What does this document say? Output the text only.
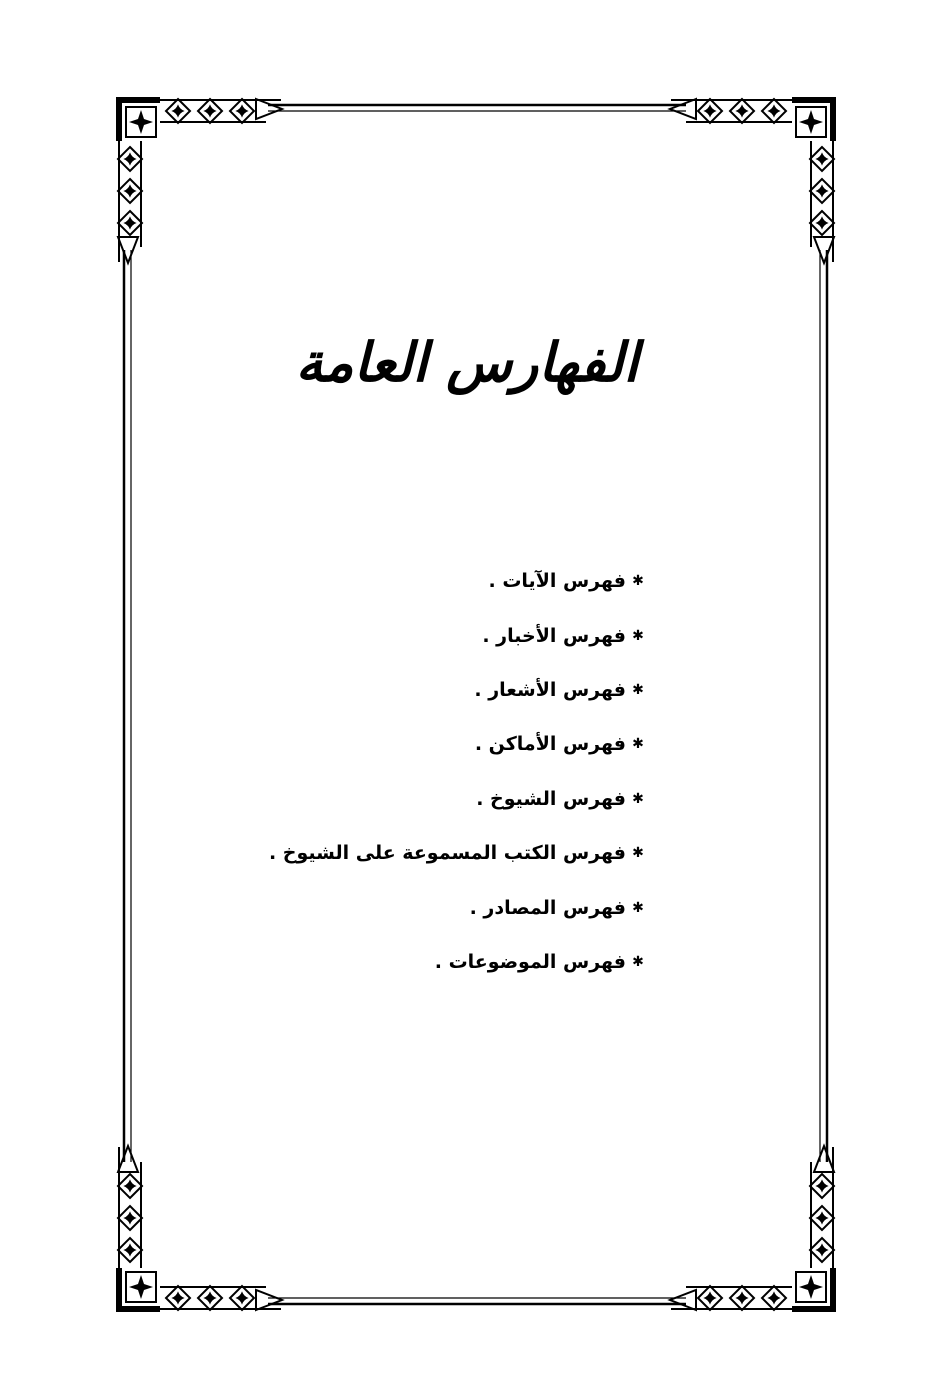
الفهارس العامة
✱
فهرس الآيات .
✱
فهرس الأخبار .
✱
فهرس الأشعار .
✱
فهرس الأماكن .
✱
فهرس الشيوخ .
✱
فهرس الكتب المسموعة على الشيوخ .
✱
فهرس المصادر .
✱
فهرس الموضوعات .
